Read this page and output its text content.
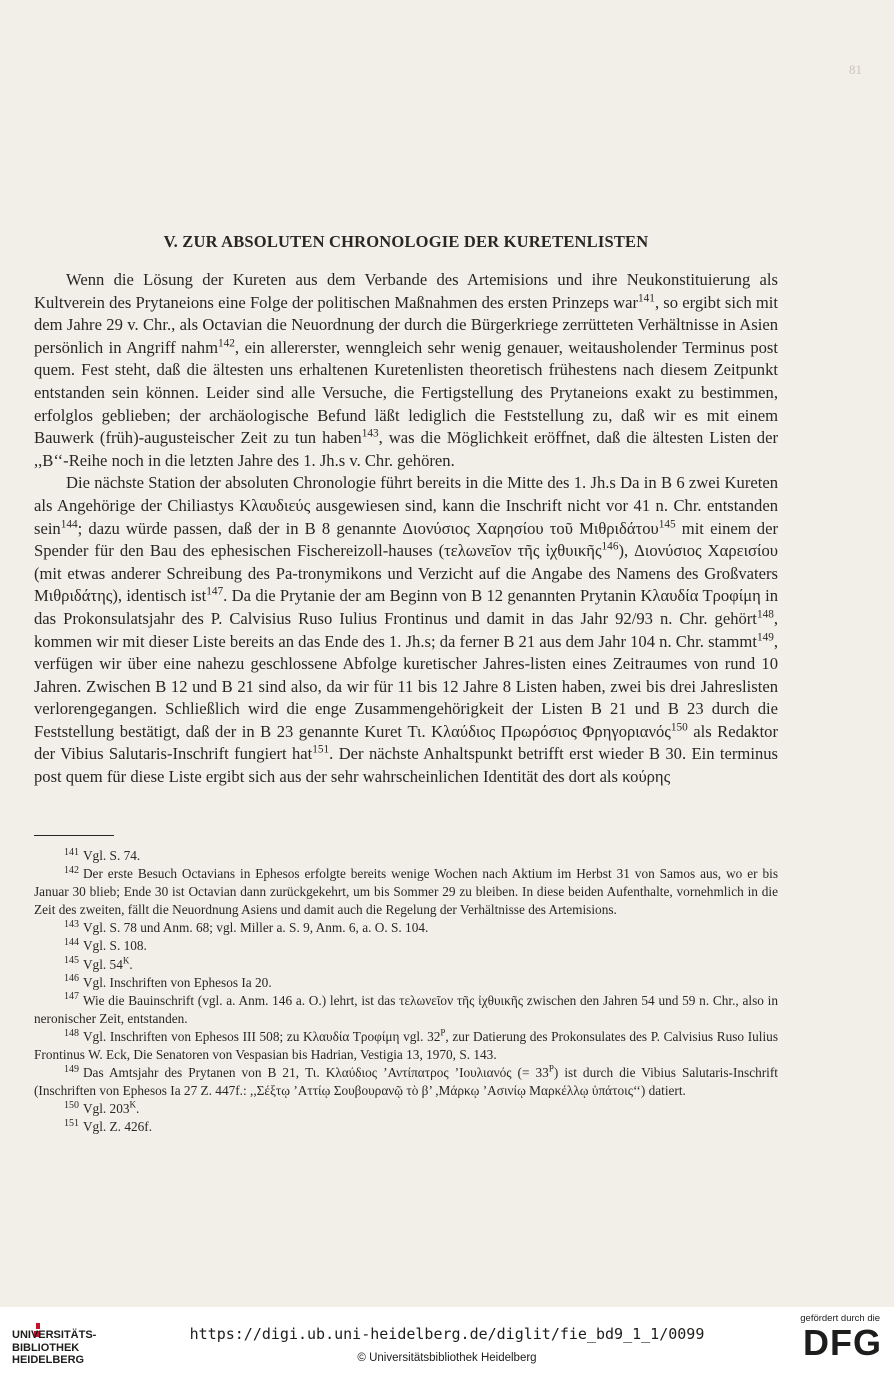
81
V. ZUR ABSOLUTEN CHRONOLOGIE DER KURETENLISTEN

Wenn die Lösung der Kureten aus dem Verbande des Artemisions und ihre Neukonstituierung als Kultverein des Prytaneions eine Folge der politischen Maßnahmen des ersten Prinzeps war$^{141}$, so ergibt sich mit dem Jahre 29 v. Chr., als Octavian die Neuordnung der durch die Bürgerkriege zerrütteten Verhältnisse in Asien persönlich in Angriff nahm$^{142}$, ein allererster, wenngleich sehr wenig genauer, weitausholender Terminus post quem. Fest steht, daß die ältesten uns erhaltenen Kuretenlisten theoretisch frühestens nach diesem Zeitpunkt entstanden sein können. Leider sind alle Versuche, die Fertigstellung des Prytaneions exakt zu bestimmen, erfolglos geblieben; der archäologische Befund läßt lediglich die Feststellung zu, daß wir es mit einem Bauwerk (früh)-augusteischer Zeit zu tun haben$^{143}$, was die Möglichkeit eröffnet, daß die ältesten Listen der ,,B‘‘-Reihe noch in die letzten Jahre des 1. Jh.s v. Chr. gehören.

Die nächste Station der absoluten Chronologie führt bereits in die Mitte des 1. Jh.s Da in B 6 zwei Kureten als Angehörige der Chiliastys Κλαυδιεύς ausgewiesen sind, kann die Inschrift nicht vor 41 n. Chr. entstanden sein$^{144}$; dazu würde passen, daß der in B 8 genannte Διονύσιος Χαρησίου τοῦ Μιθριδάτου$^{145}$ mit einem der Spender für den Bau des ephesischen Fischereizoll-hauses (τελωνεῖον τῆς ἰχθυικῆς$^{146}$), Διονύσιος Χαρεισίου (mit etwas anderer Schreibung des Pa-tronymikons und Verzicht auf die Angabe des Namens des Großvaters Μιθριδάτης), identisch ist$^{147}$. Da die Prytanie der am Beginn von B 12 genannten Prytanin Κλαυδία Τροφίμη in das Prokonsulatsjahr des P. Calvisius Ruso Iulius Frontinus und damit in das Jahr 92/93 n. Chr. gehört$^{148}$, kommen wir mit dieser Liste bereits an das Ende des 1. Jh.s; da ferner B 21 aus dem Jahr 104 n. Chr. stammt$^{149}$, verfügen wir über eine nahezu geschlossene Abfolge kuretischer Jahres-listen eines Zeitraumes von rund 10 Jahren. Zwischen B 12 und B 21 sind also, da wir für 11 bis 12 Jahre 8 Listen haben, zwei bis drei Jahreslisten verlorengegangen. Schließlich wird die enge Zusammengehörigkeit der Listen B 21 und B 23 durch die Feststellung bestätigt, daß der in B 23 genannte Kuret Τι. Κλαύδιος Πρωρόσιος Φρηγοριανός$^{150}$ als Redaktor der Vibius Salutaris-Inschrift fungiert hat$^{151}$. Der nächste Anhaltspunkt betrifft erst wieder B 30. Ein terminus post quem für diese Liste ergibt sich aus der sehr wahrscheinlichen Identität des dort als κούρης

$^{141}$ Vgl. S. 74.

$^{142}$ Der erste Besuch Octavians in Ephesos erfolgte bereits wenige Wochen nach Aktium im Herbst 31 von Samos aus, wo er bis Januar 30 blieb; Ende 30 ist Octavian dann zurückgekehrt, um bis Sommer 29 zu bleiben. In diese beiden Aufenthalte, vornehmlich in die Zeit des zweiten, fällt die Neuordnung Asiens und damit auch die Regelung der Verhältnisse des Artemisions.

$^{143}$ Vgl. S. 78 und Anm. 68; vgl. Miller a. S. 9, Anm. 6, a. O. S. 104.

$^{144}$ Vgl. S. 108.

$^{145}$ Vgl. $54^K$.

$^{146}$ Vgl. Inschriften von Ephesos Ia 20.

$^{147}$ Wie die Bauinschrift (vgl. a. Anm. 146 a. O.) lehrt, ist das τελωνεῖον τῆς ἰχθυικῆς zwischen den Jahren 54 und 59 n. Chr., also in neronischer Zeit, entstanden.

$^{148}$ Vgl. Inschriften von Ephesos III 508; zu Κλαυδία Τροφίμη vgl. $32^P$, zur Datierung des Prokonsulates des P. Calvisius Ruso Iulius Frontinus W. Eck, Die Senatoren von Vespasian bis Hadrian, Vestigia 13, 1970, S. 143.

$^{149}$ Das Amtsjahr des Prytanen von B 21, Τι. Κλαύδιος ’Αντίπατρος ’Ιουλιανός (= $33^P$) ist durch die Vibius Salutaris-Inschrift (Inschriften von Ephesos Ia 27 Z. 447f.: ,,Σέξτῳ ’Αττίῳ Σουβουρανῷ τὸ β’ ,Μάρκῳ ’Ασινίῳ Μαρκέλλῳ ὑπάτοις‘‘) datiert.

$^{150}$ Vgl. $203^K$.

$^{151}$ Vgl. Z. 426f.

UNIVERSITÄTS-
BIBLIOTHEK
HEIDELBERG
https://digi.ub.uni-heidelberg.de/diglit/fie_bd9_1_1/0099
© Universitätsbibliothek Heidelberg
gefördert durch die
DFG
